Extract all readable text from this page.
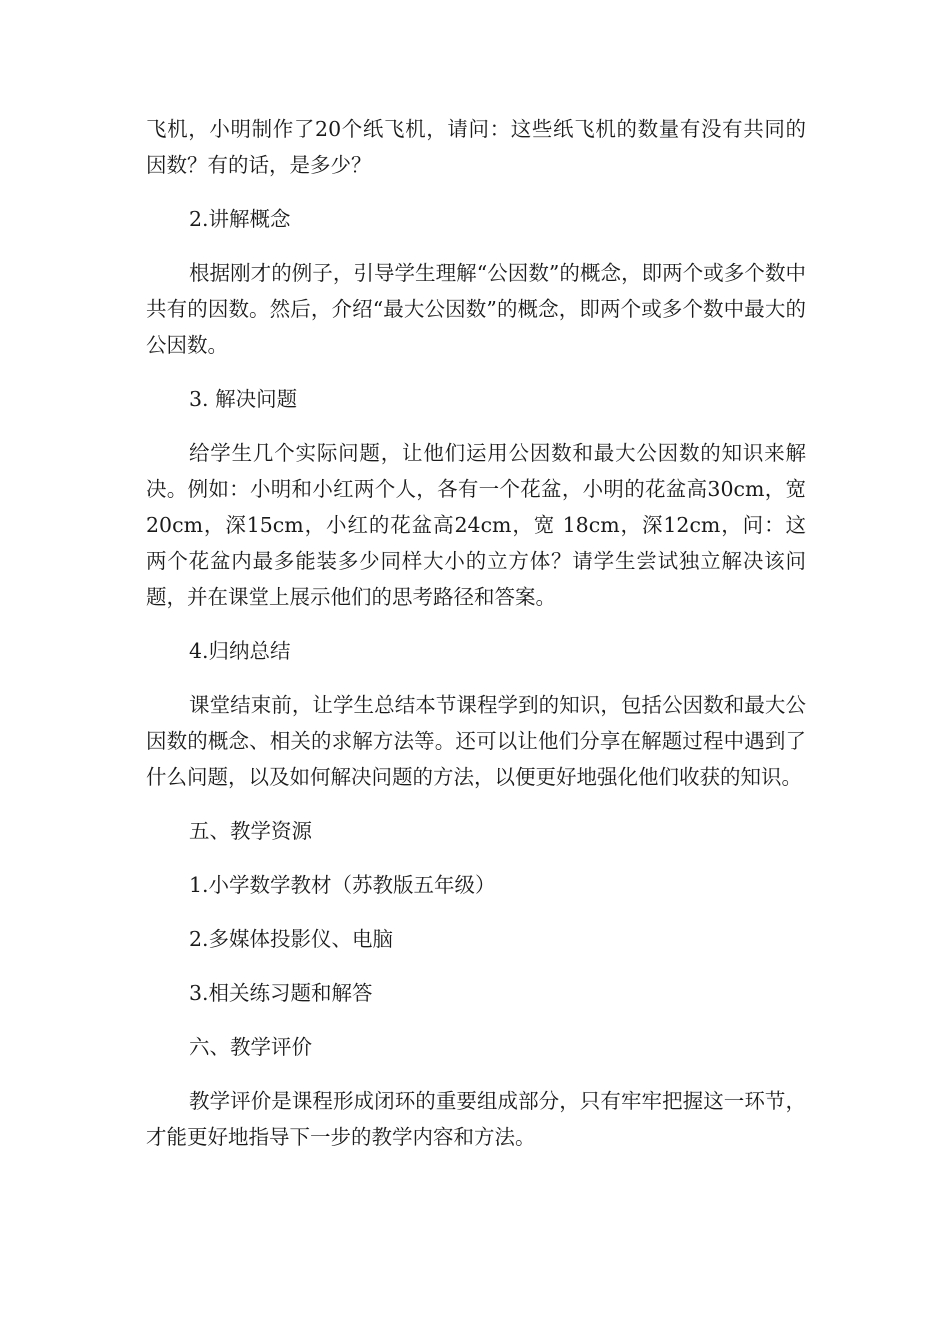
飞机，小明制作了20个纸飞机，请问：这些纸飞机的数量有没有共同的因数？有的话，是多少？

2.讲解概念

根据刚才的例子，引导学生理解“公因数”的概念，即两个或多个数中共有的因数。然后，介绍“最大公因数”的概念，即两个或多个数中最大的公因数。

3. 解决问题

给学生几个实际问题，让他们运用公因数和最大公因数的知识来解决。例如：小明和小红两个人，各有一个花盆，小明的花盆高30cm，宽20cm，深15cm，小红的花盆高24cm，宽 18cm，深12cm，问：这两个花盆内最多能装多少同样大小的立方体？请学生尝试独立解决该问题，并在课堂上展示他们的思考路径和答案。

4.归纳总结

课堂结束前，让学生总结本节课程学到的知识，包括公因数和最大公因数的概念、相关的求解方法等。还可以让他们分享在解题过程中遇到了什么问题，以及如何解决问题的方法，以便更好地强化他们收获的知识。

五、教学资源

1.小学数学教材（苏教版五年级）

2.多媒体投影仪、电脑

3.相关练习题和解答

六、教学评价

教学评价是课程形成闭环的重要组成部分，只有牢牢把握这一环节，才能更好地指导下一步的教学内容和方法。
